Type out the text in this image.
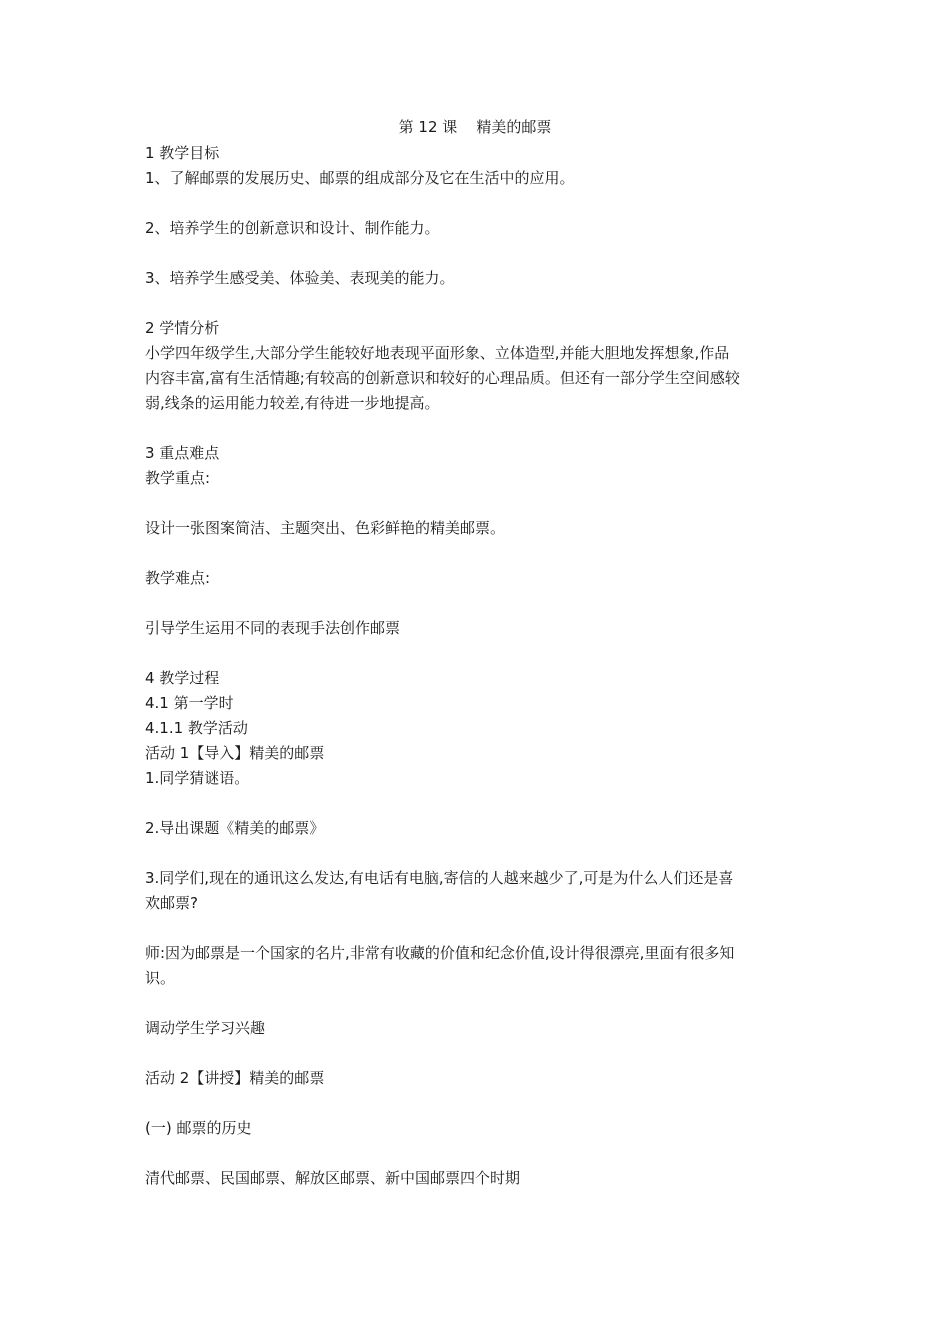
第 12 课    精美的邮票

1 教学目标

1、了解邮票的发展历史、邮票的组成部分及它在生活中的应用。

2、培养学生的创新意识和设计、制作能力。

3、培养学生感受美、体验美、表现美的能力。

2 学情分析

小学四年级学生,大部分学生能较好地表现平面形象、立体造型,并能大胆地发挥想象,作品

内容丰富,富有生活情趣;有较高的创新意识和较好的心理品质。但还有一部分学生空间感较

弱,线条的运用能力较差,有待进一步地提高。

3 重点难点

教学重点:

设计一张图案简洁、主题突出、色彩鲜艳的精美邮票。

教学难点:

引导学生运用不同的表现手法创作邮票

4 教学过程

4.1 第一学时

4.1.1 教学活动

活动 1【导入】精美的邮票

1.同学猜谜语。

2.导出课题《精美的邮票》

3.同学们,现在的通讯这么发达,有电话有电脑,寄信的人越来越少了,可是为什么人们还是喜

欢邮票?

师:因为邮票是一个国家的名片,非常有收藏的价值和纪念价值,设计得很漂亮,里面有很多知

识。

调动学生学习兴趣

活动 2【讲授】精美的邮票

(一) 邮票的历史

清代邮票、民国邮票、解放区邮票、新中国邮票四个时期
